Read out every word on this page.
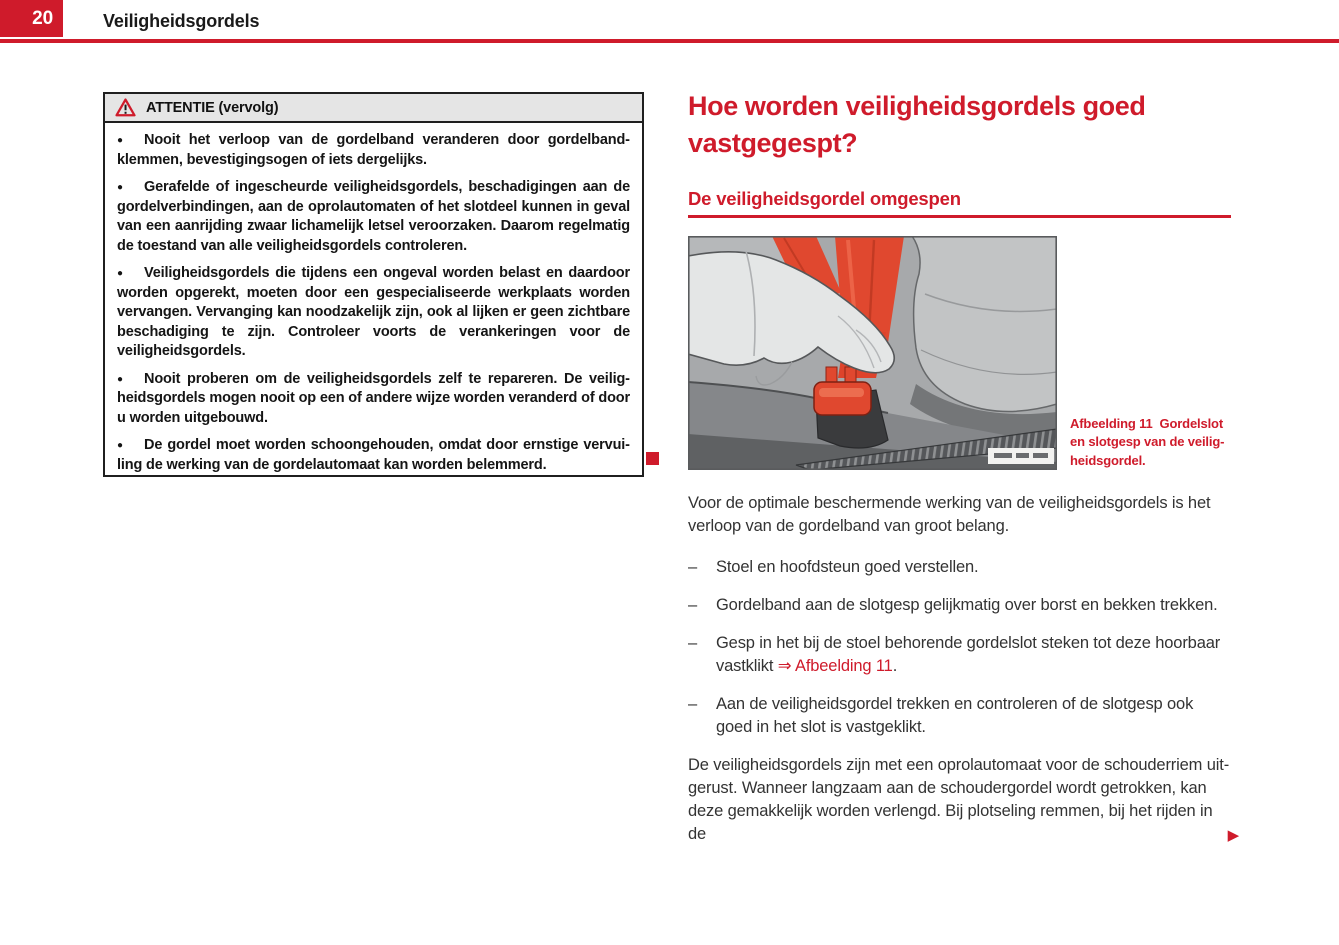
20	Veiligheidsgordels
ATTENTIE (vervolg)

● Nooit het verloop van de gordelband veranderen door gordelbandklemmen, bevestigingsogen of iets dergelijks.

● Gerafelde of ingescheurde veiligheidsgordels, beschadigingen aan de gordelverbindingen, aan de oprolautomaten of het slotdeel kunnen in geval van een aanrijding zwaar lichamelijk letsel veroorzaken. Daarom regelmatig de toestand van alle veiligheidsgordels controleren.

● Veiligheidsgordels die tijdens een ongeval worden belast en daardoor worden opgerekt, moeten door een gespecialiseerde werkplaats worden vervangen. Vervanging kan noodzakelijk zijn, ook al lijken er geen zichtbare beschadiging te zijn. Controleer voorts de verankeringen voor de veiligheidsgordels.

● Nooit proberen om de veiligheidsgordels zelf te repareren. De veiligheidsgordels mogen nooit op een of andere wijze worden veranderd of door u worden uitgebouwd.

● De gordel moet worden schoongehouden, omdat door ernstige vervuiling de werking van de gordelautomaat kan worden belemmerd.

Hoe worden veiligheidsgordels goed vastgegespt?
De veiligheidsgordel omgespen
Afbeelding 11  Gordelslot en slotgesp van de veiligheidsgordel.

Voor de optimale beschermende werking van de veiligheidsgordels is het verloop van de gordelband van groot belang.

–	Stoel en hoofdsteun goed verstellen.
–	Gordelband aan de slotgesp gelijkmatig over borst en bekken trekken.
–	Gesp in het bij de stoel behorende gordelslot steken tot deze hoorbaar vastklikt ⇒ Afbeelding 11.
–	Aan de veiligheidsgordel trekken en controleren of de slotgesp ook goed in het slot is vastgeklikt.

De veiligheidsgordels zijn met een oprolautomaat voor de schouderriem uitgerust. Wanneer langzaam aan de schoudergordel wordt getrokken, kan deze gemakkelijk worden verlengd. Bij plotseling remmen, bij het rijden in de	▶
